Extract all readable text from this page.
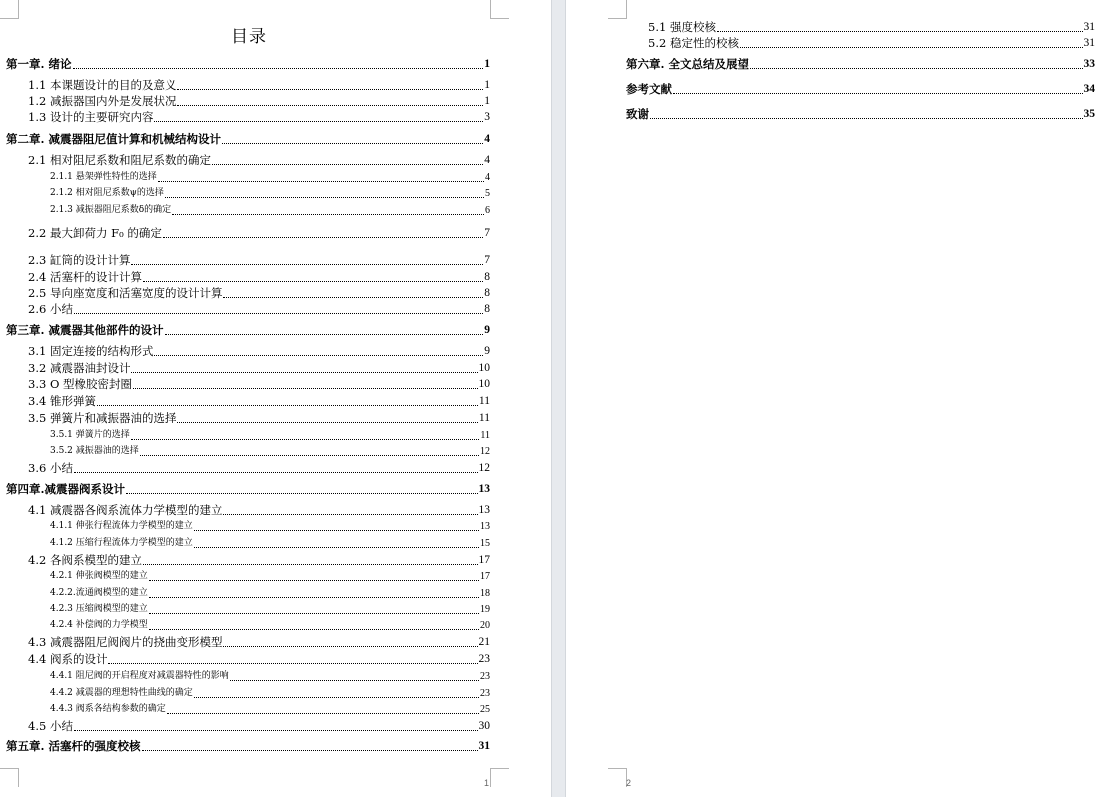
目录
第一章. 绪论	1
1.1 本课题设计的目的及意义	1
1.2 减振器国内外是发展状况	1
1.3 设计的主要研究内容	3
第二章. 减震器阻尼值计算和机械结构设计	4
2.1 相对阻尼系数和阻尼系数的确定	4
2.1.1 悬架弹性特性的选择	4
2.1.2 相对阻尼系数ψ的选择	5
2.1.3 减振器阻尼系数δ的确定	6
2.2 最大卸荷力 F₀ 的确定	7
2.3 缸筒的设计计算	7
2.4 活塞杆的设计计算	8
2.5 导向座宽度和活塞宽度的设计计算	8
2.6 小结	8
第三章. 减震器其他部件的设计	9
3.1 固定连接的结构形式	9
3.2 减震器油封设计	10
3.3 O 型橡胶密封圈	10
3.4 锥形弹簧	11
3.5 弹簧片和减振器油的选择	11
3.5.1 弹簧片的选择	11
3.5.2 减振器油的选择	12
3.6 小结	12
第四章.减震器阀系设计	13
4.1 减震器各阀系流体力学模型的建立	13
4.1.1 伸张行程流体力学模型的建立	13
4.1.2 压缩行程流体力学模型的建立	15
4.2 各阀系模型的建立	17
4.2.1 伸张阀模型的建立	17
4.2.2.流通阀模型的建立	18
4.2.3 压缩阀模型的建立	19
4.2.4 补偿阀的力学模型	20
4.3 减震器阻尼阀阀片的挠曲变形模型	21
4.4 阀系的设计	23
4.4.1 阻尼阀的开启程度对减震器特性的影响	23
4.4.2 减震器的理想特性曲线的确定	23
4.4.3 阀系各结构参数的确定	25
4.5 小结	30
第五章. 活塞杆的强度校核	31
1
5.1 强度校核	31
5.2 稳定性的校核	31
第六章. 全文总结及展望	33
参考文献	34
致谢	35
2
